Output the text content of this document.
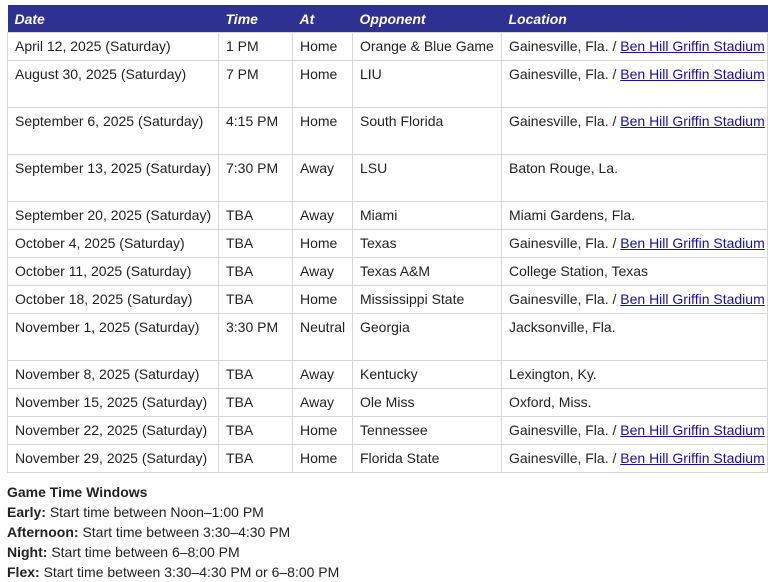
Date	Time	At	Opponent	Location
April 12, 2025 (Saturday)	1 PM	Home	Orange & Blue Game	Gainesville, Fla. / Ben Hill Griffin Stadium
August 30, 2025 (Saturday)	7 PM	Home	LIU	Gainesville, Fla. / Ben Hill Griffin Stadium
September 6, 2025 (Saturday)	4:15 PM	Home	South Florida	Gainesville, Fla. / Ben Hill Griffin Stadium
September 13, 2025 (Saturday)	7:30 PM	Away	LSU	Baton Rouge, La.
September 20, 2025 (Saturday)	TBA	Away	Miami	Miami Gardens, Fla.
October 4, 2025 (Saturday)	TBA	Home	Texas	Gainesville, Fla. / Ben Hill Griffin Stadium
October 11, 2025 (Saturday)	TBA	Away	Texas A&M	College Station, Texas
October 18, 2025 (Saturday)	TBA	Home	Mississippi State	Gainesville, Fla. / Ben Hill Griffin Stadium
November 1, 2025 (Saturday)	3:30 PM	Neutral	Georgia	Jacksonville, Fla.
November 8, 2025 (Saturday)	TBA	Away	Kentucky	Lexington, Ky.
November 15, 2025 (Saturday)	TBA	Away	Ole Miss	Oxford, Miss.
November 22, 2025 (Saturday)	TBA	Home	Tennessee	Gainesville, Fla. / Ben Hill Griffin Stadium
November 29, 2025 (Saturday)	TBA	Home	Florida State	Gainesville, Fla. / Ben Hill Griffin Stadium
Game Time Windows
Early: Start time between Noon–1:00 PM
Afternoon: Start time between 3:30–4:30 PM
Night: Start time between 6–8:00 PM
Flex: Start time between 3:30–4:30 PM or 6–8:00 PM
